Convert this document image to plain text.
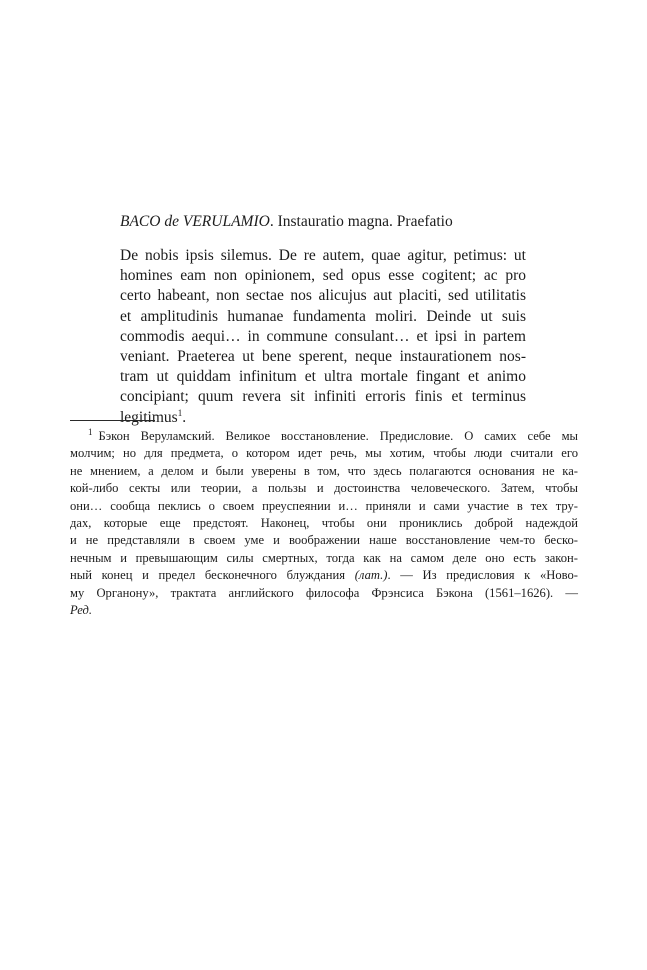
BACO de VERULAMIO. Instauratio magna. Praefatio

De nobis ipsis silemus. De re autem, quae agitur, petimus: ut
homines eam non opinionem, sed opus esse cogitent; ac pro
certo habeant, non sectae nos alicujus aut placiti, sed utilitatis
et amplitudinis humanae fundamenta moliri. Deinde ut suis
commodis aequi… in commune consulant… et ipsi in partem
veniant. Praeterea ut bene sperent, neque instaurationem nos-
tram ut quiddam infinitum et ultra mortale fingant et animo
concipiant; quum revera sit infiniti erroris finis et terminus
legitimus$^1$.

$^1$ Бэкон Веруламский. Великое восстановление. Предисловие. О самих себе мы
молчим; но для предмета, о котором идет речь, мы хотим, чтобы люди считали его
не мнением, а делом и были уверены в том, что здесь полагаются основания не ка-
кой-либо секты или теории, а пользы и достоинства человеческого. Затем, чтобы
они… сообща пеклись о своем преуспеянии и… приняли и сами участие в тех тру-
дах, которые еще предстоят. Наконец, чтобы они прониклись доброй надеждой
и не представляли в своем уме и воображении наше восстановление чем-то беско-
нечным и превышающим силы смертных, тогда как на самом деле оно есть закон-
ный конец и предел бесконечного блуждания (лат.). — Из предисловия к «Ново-
му Органону», трактата английского философа Фрэнсиса Бэкона (1561–1626). —
Ред.
